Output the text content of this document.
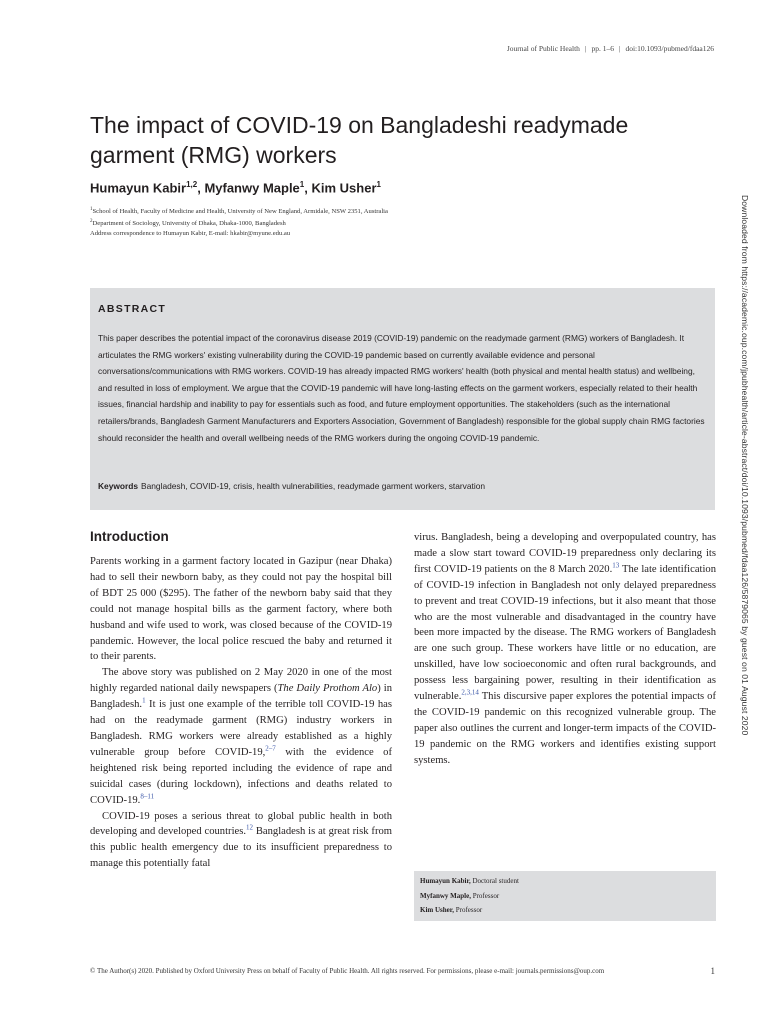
Journal of Public Health | pp. 1–6 | doi:10.1093/pubmed/fdaa126
The impact of COVID-19 on Bangladeshi readymade garment (RMG) workers
Humayun Kabir$^{1,2}$, Myfanwy Maple$^1$, Kim Usher$^1$
$^1$School of Health, Faculty of Medicine and Health, University of New England, Armidale, NSW 2351, Australia
$^2$Department of Sociology, University of Dhaka, Dhaka-1000, Bangladesh
Address correspondence to Humayun Kabir, E-mail: hkabir@myune.edu.au	Downloaded from https://academic.oup.com/jpubhealth/article-abstract/doi/10.1093/pubmed/fdaa126/5879065 by guest on 01 August 2020
ABSTRACT
This paper describes the potential impact of the coronavirus disease 2019 (COVID-19) pandemic on the readymade garment (RMG) workers of Bangladesh. It articulates the RMG workers' existing vulnerability during the COVID-19 pandemic based on currently available evidence and personal conversations/communications with RMG workers. COVID-19 has already impacted RMG workers' health (both physical and mental health status) and wellbeing, and resulted in loss of employment. We argue that the COVID-19 pandemic will have long-lasting effects on the garment workers, especially related to their health issues, financial hardship and inability to pay for essentials such as food, and future employment opportunities. The stakeholders (such as the international retailers/brands, Bangladesh Garment Manufacturers and Exporters Association, Government of Bangladesh) responsible for the global supply chain RMG factories should reconsider the health and overall wellbeing needs of the RMG workers during the ongoing COVID-19 pandemic.
Keywords Bangladesh, COVID-19, crisis, health vulnerabilities, readymade garment workers, starvation
Introduction

Parents working in a garment factory located in Gazipur (near Dhaka) had to sell their newborn baby, as they could not pay the hospital bill of BDT 25 000 ($295). The father of the newborn baby said that they could not manage hospital bills as the garment factory, where both husband and wife used to work, was closed because of the COVID-19 pandemic. However, the local police rescued the baby and returned it to their parents.

The above story was published on 2 May 2020 in one of the most highly regarded national daily newspapers (The Daily Prothom Alo) in Bangladesh.$^1$ It is just one example of the terrible toll COVID-19 has had on the readymade garment (RMG) industry workers in Bangladesh. RMG workers were already established as a highly vulnerable group before COVID-19,$^{2-7}$ with the evidence of heightened risk being reported including the evidence of rape and suicidal cases (during lockdown), infections and deaths related to COVID-19.$^{8-11}$

COVID-19 poses a serious threat to global public health in both developing and developed countries.$^{12}$ Bangladesh is at great risk from this public health emergency due to its insufficient preparedness to manage this potentially fatal

virus. Bangladesh, being a developing and overpopulated country, has made a slow start toward COVID-19 preparedness only declaring its first COVID-19 patients on the 8 March 2020.13 The late identification of COVID-19 infection in Bangladesh not only delayed preparedness to prevent and treat COVID-19 infections, but it also meant that those who are the most vulnerable and disadvantaged in the country have been more impacted by the disease. The RMG workers of Bangladesh are one such group. These workers have little or no education, are unskilled, have low socioeconomic and often rural backgrounds, and possess less bargaining power, resulting in their identification as vulnerable.$^{2,3,14}$ This discursive paper explores the potential impacts of the COVID-19 pandemic on this recognized vulnerable group. The paper also outlines the current and longer-term impacts of the COVID-19 pandemic on the RMG workers and identifies existing support systems.

Humayun Kabir, Doctoral student
Myfanwy Maple, Professor
Kim Usher, Professor
© The Author(s) 2020. Published by Oxford University Press on behalf of Faculty of Public Health. All rights reserved. For permissions, please e-mail: journals.permissions@oup.com	1
